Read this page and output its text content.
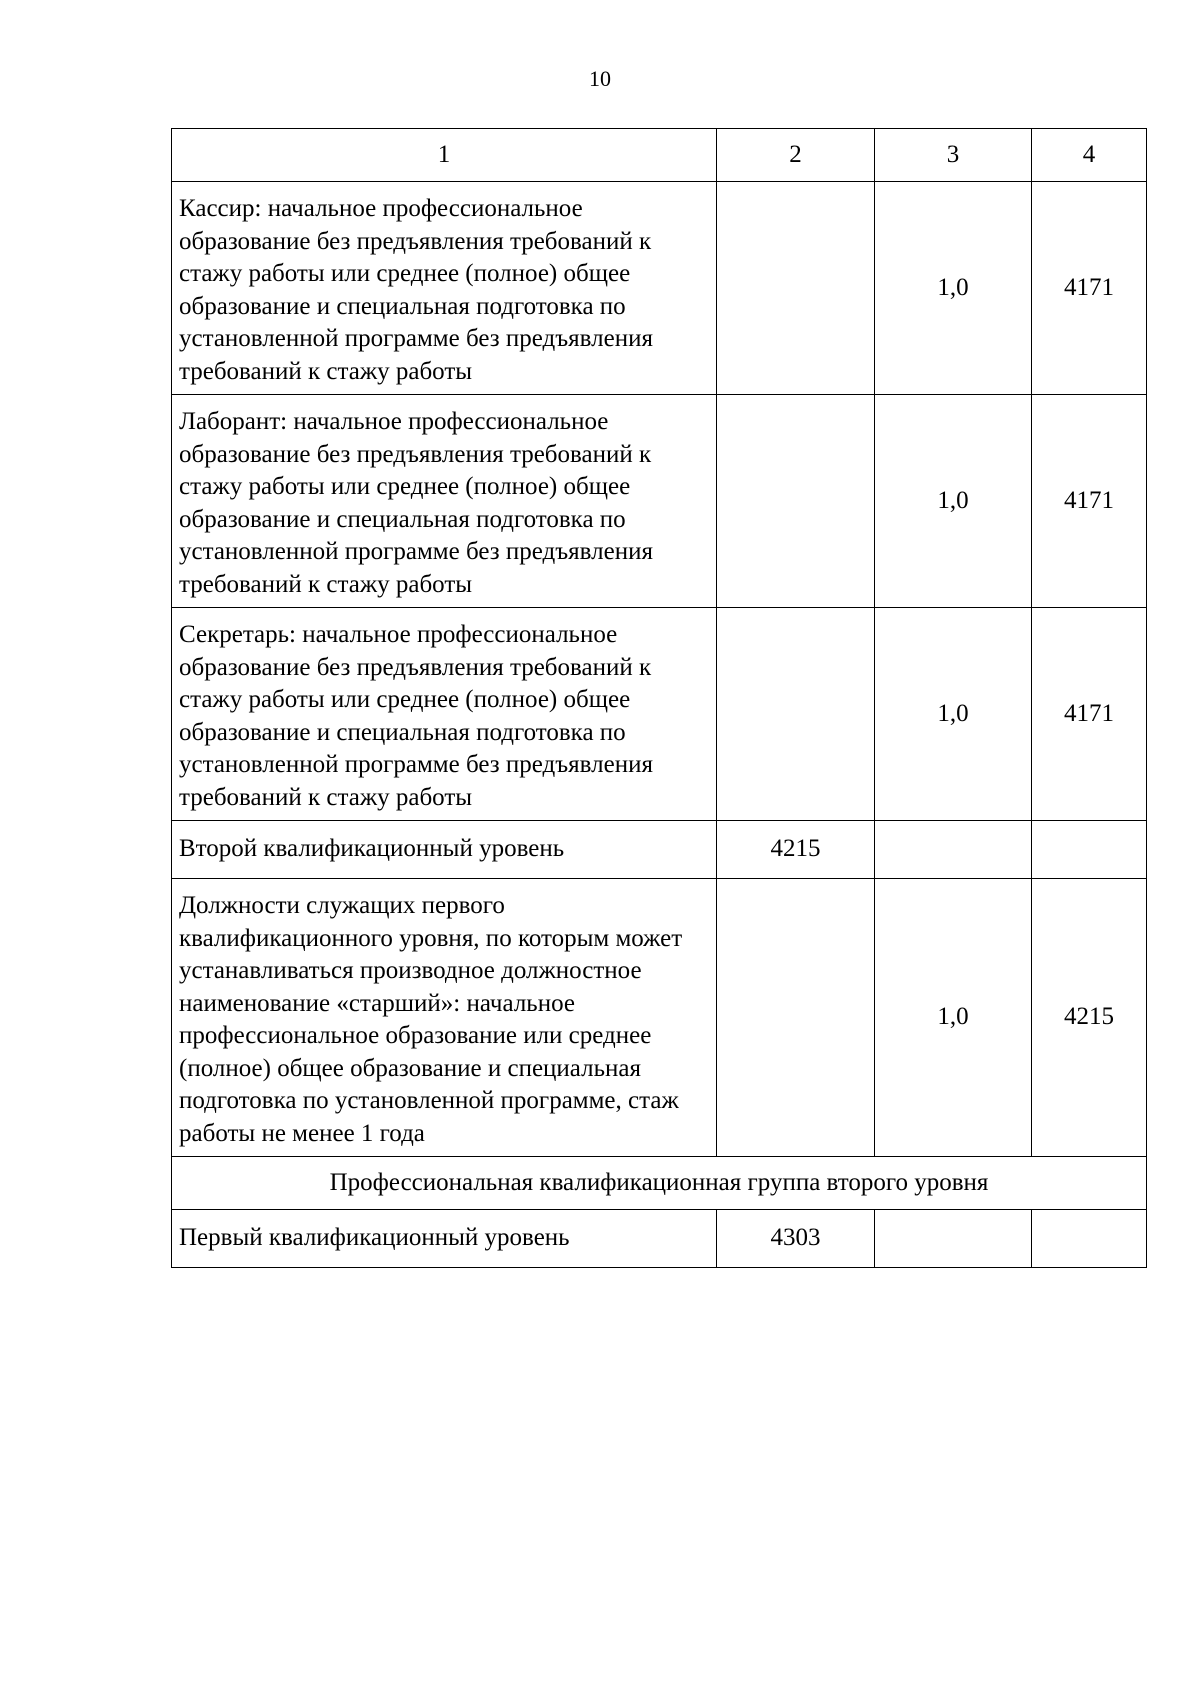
10
1	2	3	4
Кассир: начальное профессиональное образование без предъявления требований к стажу работы или среднее (полное) общее образование и специальная подготовка по установленной программе без предъявления требований к стажу работы		1,0	4171
Лаборант: начальное профессиональное образование без предъявления требований к стажу работы или среднее (полное) общее образование и специальная подготовка по установленной программе без предъявления требований к стажу работы		1,0	4171
Секретарь: начальное профессиональное образование без предъявления требований к стажу работы или среднее (полное) общее образование и специальная подготовка по установленной программе без предъявления требований к стажу работы		1,0	4171
Второй квалификационный уровень	4215		
Должности служащих первого квалификационного уровня, по которым может устанавливаться производное должностное наименование «старший»: начальное профессиональное образование или среднее (полное) общее образование и специальная подготовка по установленной программе, стаж работы не менее 1 года		1,0	4215
Профессиональная квалификационная группа второго уровня			
Первый квалификационный уровень	4303		
